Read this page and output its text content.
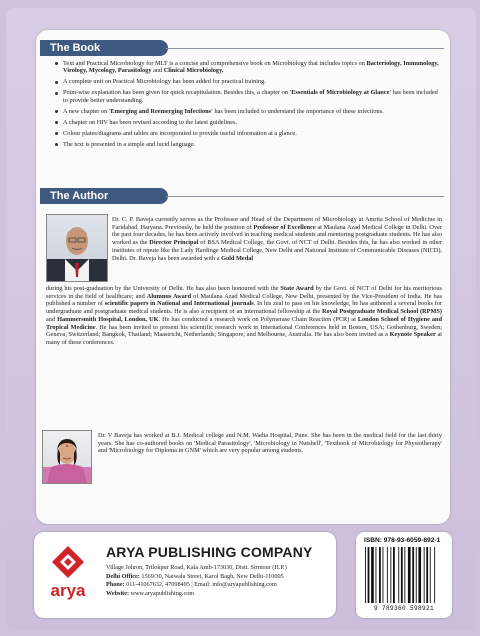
The Book
Text and Practical Microbiology for MLT is a concise and comprehensive book on Microbiology that includes topics on Bacteriology, Immunology, Virology, Mycology, Parasitology and Clinical Microbiology.
A complete unit on Practical Microbiology has been added for practical training.
Point-wise explanation has been given for quick recapitulation. Besides this, a chapter on 'Essentials of Microbiology at Glance' has been included to provide better understanding.
A new chapter on 'Emerging and Reemerging Infections' has been included to understand the importance of these infections.
A chapter on HIV has been revised according to the latest guidelines.
Colour plates/diagrams and tables are incorporated to provide useful information at a glance.
The text is presented in a simple and lucid language.
The Author
Dr. C. P. Baveja currently serves as the Professor and Head of the Department of Microbiology at Amrita School of Medicine in Faridabad, Haryana. Previously, he held the position of Professor of Excellence at Maulana Azad Medical College in Delhi. Over the past four decades, he has been actively involved in teaching medical students and mentoring postgraduate students. He has also worked as the Director Principal of BSA Medical College, the Govt. of NCT of Delhi. Besides this, he has also worked in other institutes of repute like the Lady Hardinge Medical College, New Delhi and National Institute of Communicable Diseases (NICD), Delhi. Dr. Baveja has been awarded with a Gold Medal
during his post-graduation by the University of Delhi. He has also been honoured with the State Award by the Govt. of NCT of Delhi for his meritorious services in the field of healthcare; and Alumnus Award of Maulana Azad Medical College, New Delhi, presented by the Vice-President of India. He has published a number of scientific papers in National and International journals. In his zeal to pass on his knowledge, he has authored a several books for undergraduate and postgraduate medical students. He is also a recipient of an international fellowship at the Royal Postgraduate Medical School (RPMS) and Hammersmith Hospital, London, UK. He has conducted a research work on Polymerase Chain Reaction (PCR) at London School of Hygiene and Tropical Medicine. He has been invited to present his scientific research work in International Conferences held in Boston, USA; Gothenburg, Sweden; Geneva, Switzerland; Bangkok, Thailand; Maastricht, Netherlands; Singapore; and Melbourne, Australia. He has also been invited as a Keynote Speaker at many of these conferences.
Dr. V Baveja has worked at B.J. Medical college and N.M. Wadia Hospital, Pune. She has been in the medical field for the last thirty years. She has co-authored books on 'Medical Parasitology', 'Microbiology in Nutshell', 'Textbook of Microbiology for Physiotherapy' and 'Microbiology for Diploma in GNM' which are very popular among students.
arya
ARYA PUBLISHING COMPANY
Village Johron, Trilokpur Road, Kala Amb-173030, Distt. Sirmour (H.P.)
Delhi Office: 1569/30, Naiwala Street, Karol Bagh, New Delhi-110005
Phone: 011-41067632, 47098495 | Email: info@aryapublishing.com
Website: www.aryapublishing.com
ISBN: 978-93-6059-892-1
9 789360 598921
